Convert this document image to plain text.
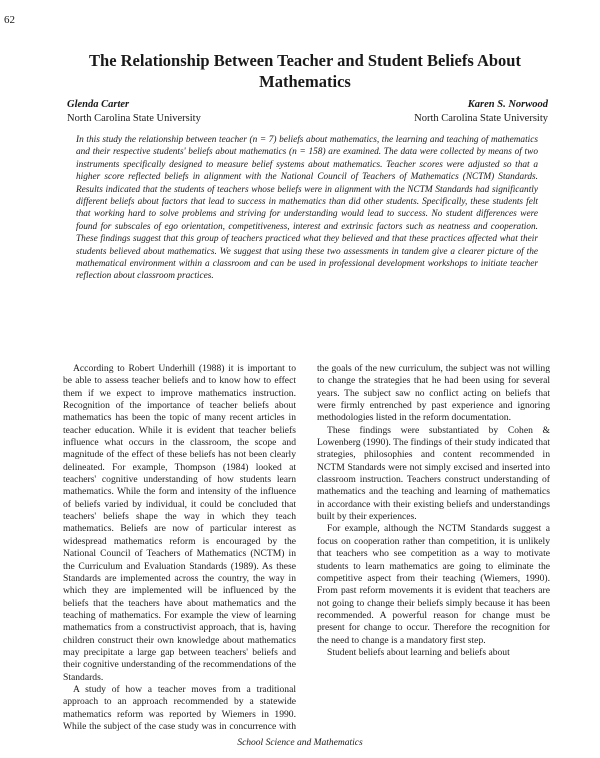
62
The Relationship Between Teacher and Student Beliefs About Mathematics
Glenda Carter
North Carolina State University
Karen S. Norwood
North Carolina State University

In this study the relationship between teacher (n = 7) beliefs about mathematics, the learning and teaching of mathematics and their respective students' beliefs about mathematics (n = 158) are examined. The data were collected by means of two instruments specifically designed to measure belief systems about mathematics. Teacher scores were adjusted so that a higher score reflected beliefs in alignment with the National Council of Teachers of Mathematics (NCTM) Standards. Results indicated that the students of teachers whose beliefs were in alignment with the NCTM Standards had significantly different beliefs about factors that lead to success in mathematics than did other students. Specifically, these students felt that working hard to solve problems and striving for understanding would lead to success. No student differences were found for subscales of ego orientation, competitiveness, interest and extrinsic factors such as neatness and cooperation. These findings suggest that this group of teachers practiced what they believed and that these practices affected what their students believed about mathematics. We suggest that using these two assessments in tandem give a clearer picture of the mathematical environment within a classroom and can be used in professional development workshops to initiate teacher reflection about classroom practices.

According to Robert Underhill (1988) it is important to be able to assess teacher beliefs and to know how to effect them if we expect to improve mathematics instruction. Recognition of the importance of teacher beliefs about mathematics has been the topic of many recent articles in teacher education. While it is evident that teacher beliefs influence what occurs in the classroom, the scope and magnitude of the effect of these beliefs has not been clearly delineated. For example, Thompson (1984) looked at teachers' cognitive understanding of how students learn mathematics. While the form and intensity of the influence of beliefs varied by individual, it could be concluded that teachers' beliefs shape the way in which they teach mathematics. Beliefs are now of particular interest as widespread mathematics reform is encouraged by the National Council of Teachers of Mathematics (NCTM) in the Curriculum and Evaluation Standards (1989). As these Standards are implemented across the country, the way in which they are implemented will be influenced by the beliefs that the teachers have about mathematics and the teaching of mathematics. For example the view of learning mathematics from a constructivist approach, that is, having children construct their own knowledge about mathematics may precipitate a large gap between teachers' beliefs and their cognitive understanding of the recommendations of the Standards.

A study of how a teacher moves from a traditional approach to an approach recommended by a statewide mathematics reform was reported by Wiemers in 1990. While the subject of the case study was in concurrence with the goals of the new curriculum, the subject was not willing to change the strategies that he had been using for several years. The subject saw no conflict acting on beliefs that were firmly entrenched by past experience and ignoring methodologies listed in the reform documentation.

These findings were substantiated by Cohen & Lowenberg (1990). The findings of their study indicated that strategies, philosophies and content recommended in NCTM Standards were not simply excised and inserted into classroom instruction. Teachers construct understanding of mathematics and the teaching and learning of mathematics in accordance with their existing beliefs and understandings built by their experiences.

For example, although the NCTM Standards suggest a focus on cooperation rather than competition, it is unlikely that teachers who see competition as a way to motivate students to learn mathematics are going to eliminate the competitive aspect from their teaching (Wiemers, 1990). From past reform movements it is evident that teachers are not going to change their beliefs simply because it has been recommended. A powerful reason for change must be present for change to occur. Therefore the recognition for the need to change is a mandatory first step.

Student beliefs about learning and beliefs about

School Science and Mathematics
